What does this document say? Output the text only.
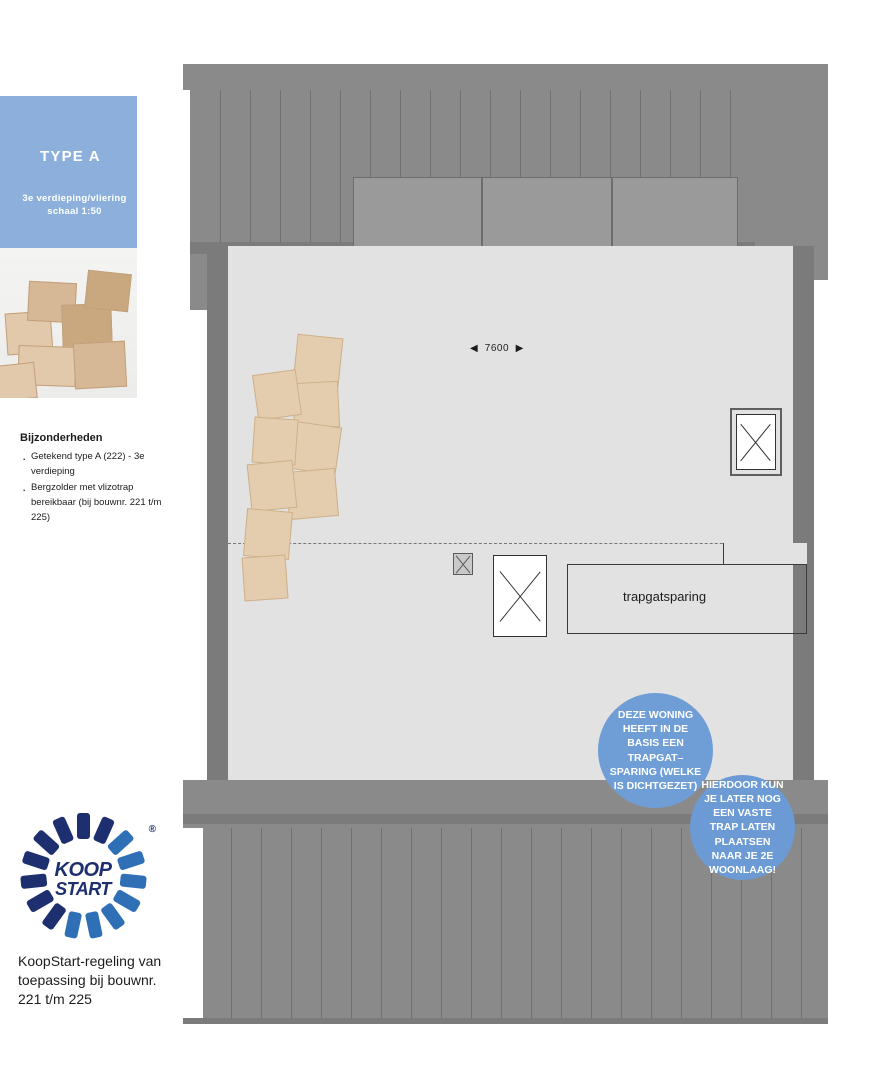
TYPE A
3e verdieping/vliering
schaal 1:50
Bijzonderheden
· Getekend type A (222) - 3e verdieping
· Bergzolder met vlizotrap bereikbaar (bij bouwnr. 221 t/m 225)
®
KOOP
START
KoopStart-regeling van toepassing bij bouwnr. 221 t/m 225
◀ 7600 ▶
trapgatsparing
DEZE WONING HEEFT IN DE BASIS EEN TRAPGAT–SPARING (WELKE IS DICHTGEZET) HIERDOOR KUN JE LATER NOG EEN VASTE TRAP LATEN PLAATSEN NAAR JE 2E WOONLAAG!
